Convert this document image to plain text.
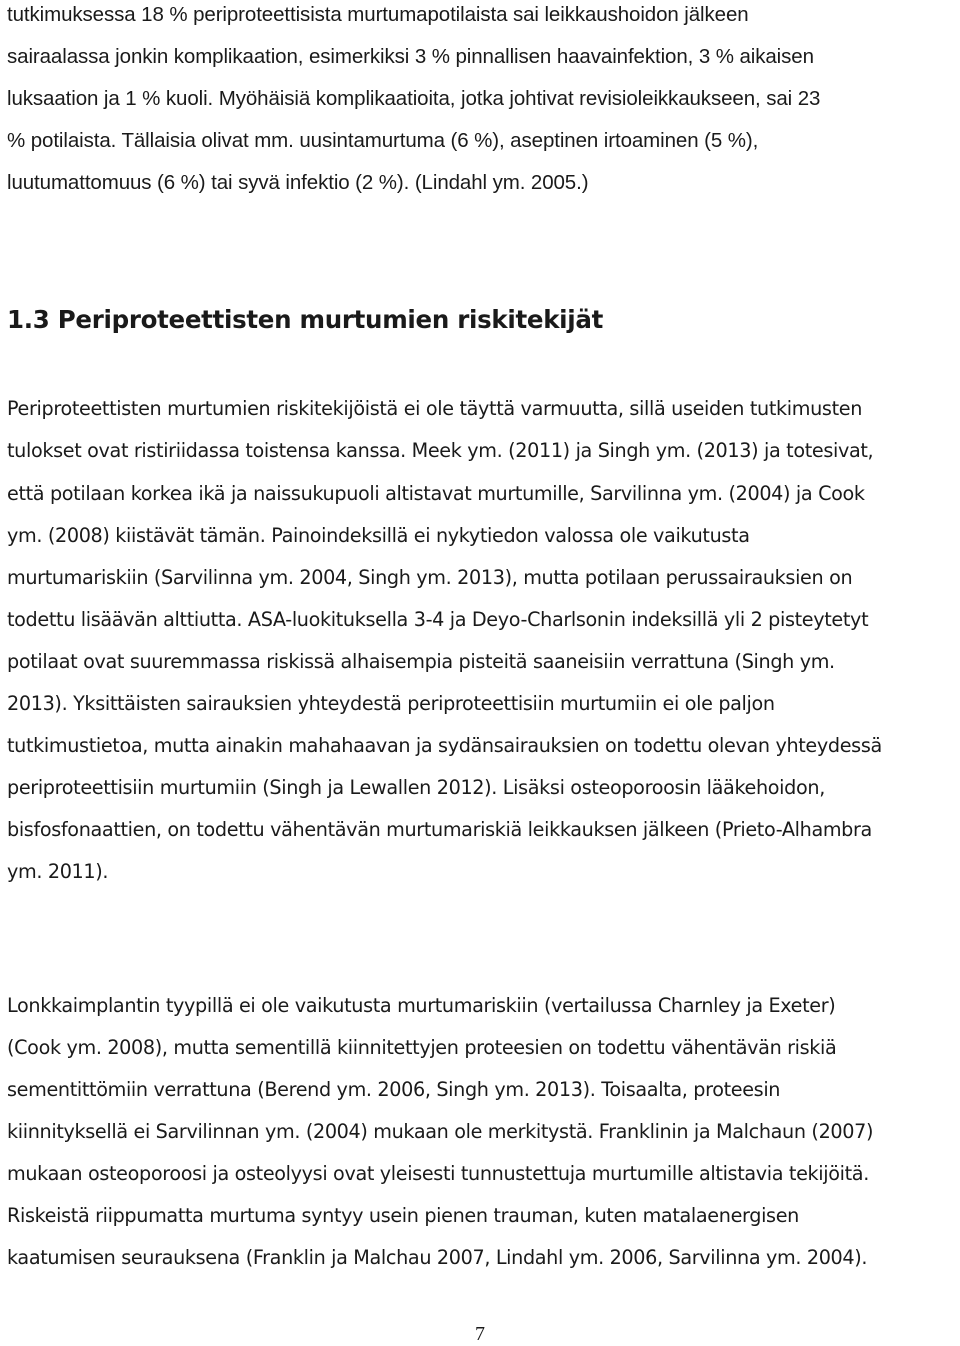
tutkimuksessa 18 % periproteettisista murtumapotilaista sai leikkaushoidon jälkeen
sairaalassa jonkin komplikaation, esimerkiksi 3 % pinnallisen haavainfektion, 3 % aikaisen
luksaation ja 1 % kuoli. Myöhäisiä komplikaatioita, jotka johtivat revisioleikkaukseen, sai 23
% potilaista. Tällaisia olivat mm. uusintamurtuma (6 %), aseptinen irtoaminen (5 %),
luutumattomuus (6 %) tai syvä infektio (2 %). (Lindahl ym. 2005.)
1.3 Periproteettisten murtumien riskitekijät
Periproteettisten murtumien riskitekijöistä ei ole täyttä varmuutta, sillä useiden tutkimusten
tulokset ovat ristiriidassa toistensa kanssa. Meek ym. (2011) ja Singh ym. (2013) ja totesivat,
että potilaan korkea ikä ja naissukupuoli altistavat murtumille, Sarvilinna ym. (2004) ja Cook
ym. (2008) kiistävät tämän. Painoindeksillä ei nykytiedon valossa ole vaikutusta
murtumariskiin (Sarvilinna ym. 2004, Singh ym. 2013), mutta potilaan perussairauksien on
todettu lisäävän alttiutta. ASA-luokituksella 3-4 ja Deyo-Charlsonin indeksillä yli 2 pisteytetyt
potilaat ovat suuremmassa riskissä alhaisempia pisteitä saaneisiin verrattuna (Singh ym.
2013). Yksittäisten sairauksien yhteydestä periproteettisiin murtumiin ei ole paljon
tutkimustietoa, mutta ainakin mahahaavan ja sydänsairauksien on todettu olevan yhteydessä
periproteettisiin murtumiin (Singh ja Lewallen 2012). Lisäksi osteoporoosin lääkehoidon,
bisfosfonaattien, on todettu vähentävän murtumariskiä leikkauksen jälkeen (Prieto-Alhambra
ym. 2011).
Lonkkaimplantin tyypillä ei ole vaikutusta murtumariskiin (vertailussa Charnley ja Exeter)
(Cook ym. 2008), mutta sementillä kiinnitettyjen proteesien on todettu vähentävän riskiä
sementittömiin verrattuna (Berend ym. 2006, Singh ym. 2013). Toisaalta, proteesin
kiinnityksellä ei Sarvilinnan ym. (2004) mukaan ole merkitystä. Franklinin ja Malchaun (2007)
mukaan osteoporoosi ja osteolyysi ovat yleisesti tunnustettuja murtumille altistavia tekijöitä.
Riskeistä riippumatta murtuma syntyy usein pienen trauman, kuten matalaenergisen
kaatumisen seurauksena (Franklin ja Malchau 2007, Lindahl ym. 2006, Sarvilinna ym. 2004).
7
